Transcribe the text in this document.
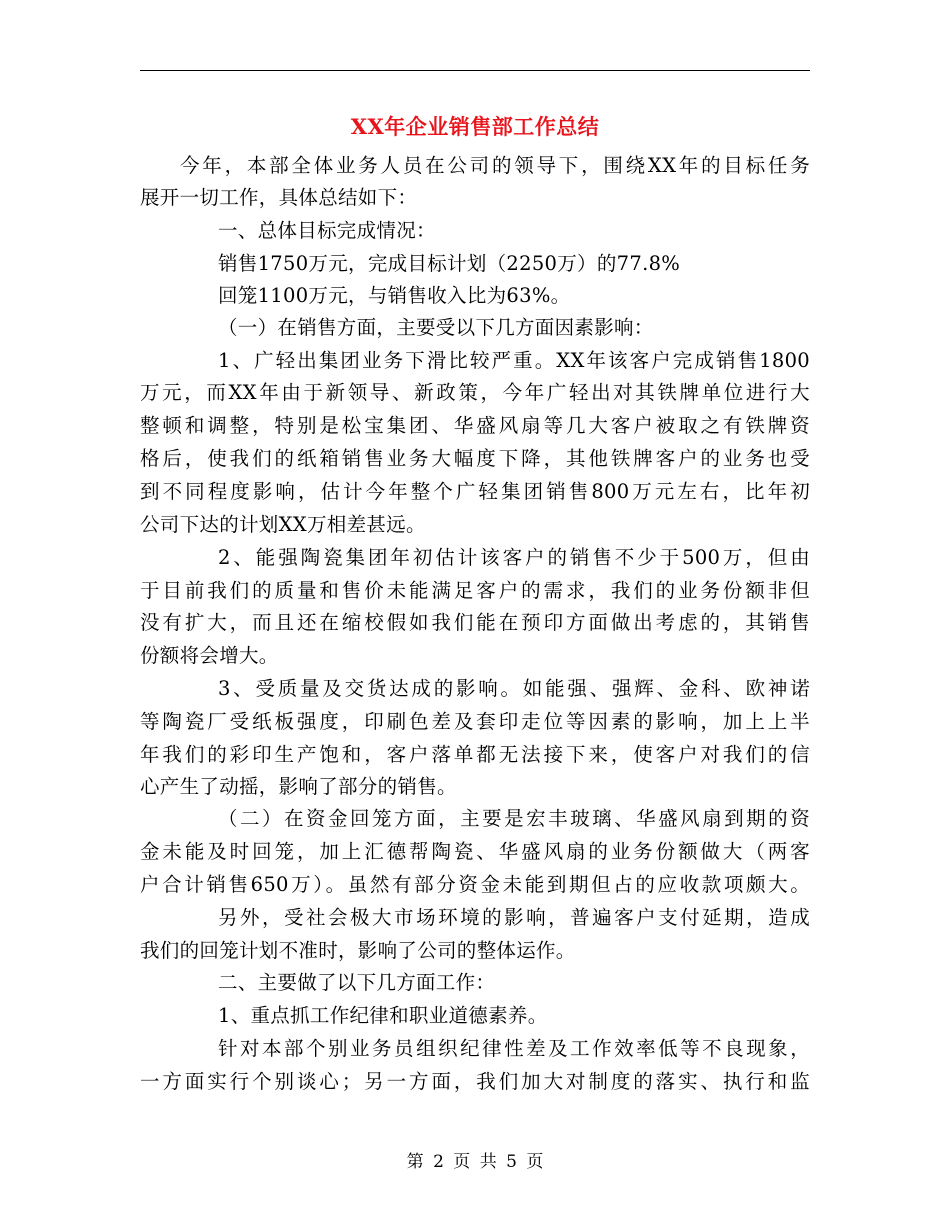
XX年企业销售部工作总结
今年，本部全体业务人员在公司的领导下，围绕XX年的目标任务
展开一切工作，具体总结如下：
一、总体目标完成情况：
销售1750万元，完成目标计划（2250万）的77.8%
回笼1100万元，与销售收入比为63%。
（一）在销售方面，主要受以下几方面因素影响：
1、广轻出集团业务下滑比较严重。XX年该客户完成销售1800
万元，而XX年由于新领导、新政策，今年广轻出对其铁牌单位进行大
整顿和调整，特别是松宝集团、华盛风扇等几大客户被取之有铁牌资
格后，使我们的纸箱销售业务大幅度下降，其他铁牌客户的业务也受
到不同程度影响，估计今年整个广轻集团销售800万元左右，比年初
公司下达的计划XX万相差甚远。
2、能强陶瓷集团年初估计该客户的销售不少于500万，但由
于目前我们的质量和售价未能满足客户的需求，我们的业务份额非但
没有扩大，而且还在缩校假如我们能在预印方面做出考虑的，其销售
份额将会增大。
3、受质量及交货达成的影响。如能强、强辉、金科、欧神诺
等陶瓷厂受纸板强度，印刷色差及套印走位等因素的影响，加上上半
年我们的彩印生产饱和，客户落单都无法接下来，使客户对我们的信
心产生了动摇，影响了部分的销售。
（二）在资金回笼方面，主要是宏丰玻璃、华盛风扇到期的资
金未能及时回笼，加上汇德帮陶瓷、华盛风扇的业务份额做大（两客
户合计销售650万）。虽然有部分资金未能到期但占的应收款项颇大。
另外，受社会极大市场环境的影响，普遍客户支付延期，造成
我们的回笼计划不准时，影响了公司的整体运作。
二、主要做了以下几方面工作：
1、重点抓工作纪律和职业道德素养。
针对本部个别业务员组织纪律性差及工作效率低等不良现象，
一方面实行个别谈心；另一方面，我们加大对制度的落实、执行和监
第 2 页 共 5 页
